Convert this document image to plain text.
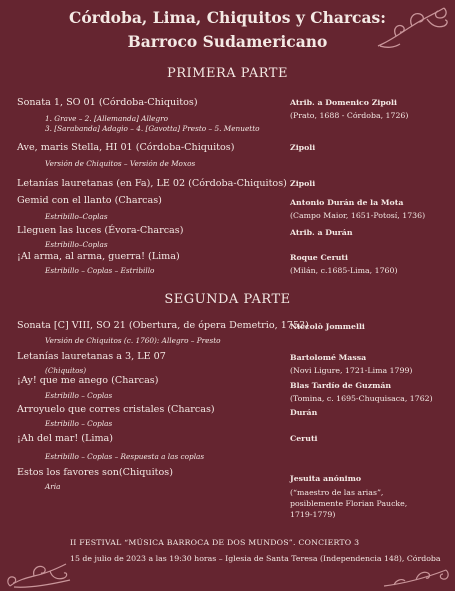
Córdoba, Lima, Chiquitos y Charcas:
Barroco Sudamericano
PRIMERA PARTE
SEGUNDA PARTE
Sonata 1, SO 01 (Córdoba-Chiquitos)
1. Grave – 2. [Allemanda] Allegro
3. [Sarabanda] Adagio – 4. [Gavotta] Presto – 5. Menuetto
Atrib. a Domenico Zipoli
(Prato, 1688 - Córdoba, 1726)
Ave, maris Stella, HI 01 (Córdoba-Chiquitos)
Versión de Chiquitos – Versión de Moxos
Zipoli
Letanías lauretanas (en Fa), LE 02 (Córdoba-Chiquitos) Zipoli
Gemid con el llanto (Charcas)
Estribillo–Coplas
Antonio Durán de la Mota
(Campo Maior, 1651-Potosí, 1736)
Lleguen las luces (Évora-Charcas)
Estribillo–Coplas
Atrib. a Durán
¡Al arma, al arma, guerra! (Lima)
Estribillo – Coplas – Estribillo
Roque Ceruti
(Milán, c.1685-Lima, 1760)
Sonata [C] VIII, SO 21 (Obertura, de ópera Demetrio, 1753)
Versión de Chiquitos (c. 1760): Allegro – Presto
Niccolò Jommelli
Letanías lauretanas a 3, LE 07
(Chiquitos)
Bartolomé Massa
(Novi Ligure, 1721-Lima 1799)
¡Ay! que me anego (Charcas)
Estribillo – Coplas
Blas Tardío de Guzmán
(Tomina, c. 1695-Chuquisaca, 1762)
Arroyuelo que corres cristales (Charcas)
Estribillo – Coplas
Durán
¡Ah del mar! (Lima)
Estribillo – Coplas – Respuesta a las coplas
Ceruti
Estos los favores son(Chiquitos)
Aria
Jesuita anónimo
(“maestro de las arias”,
posiblemente Florian Paucke,
1719-1779)
II FESTIVAL “MÚSICA BARROCA DE DOS MUNDOS”. CONCIERTO 3
15 de julio de 2023 a las 19:30 horas – Iglesia de Santa Teresa (Independencia 148), Córdoba
